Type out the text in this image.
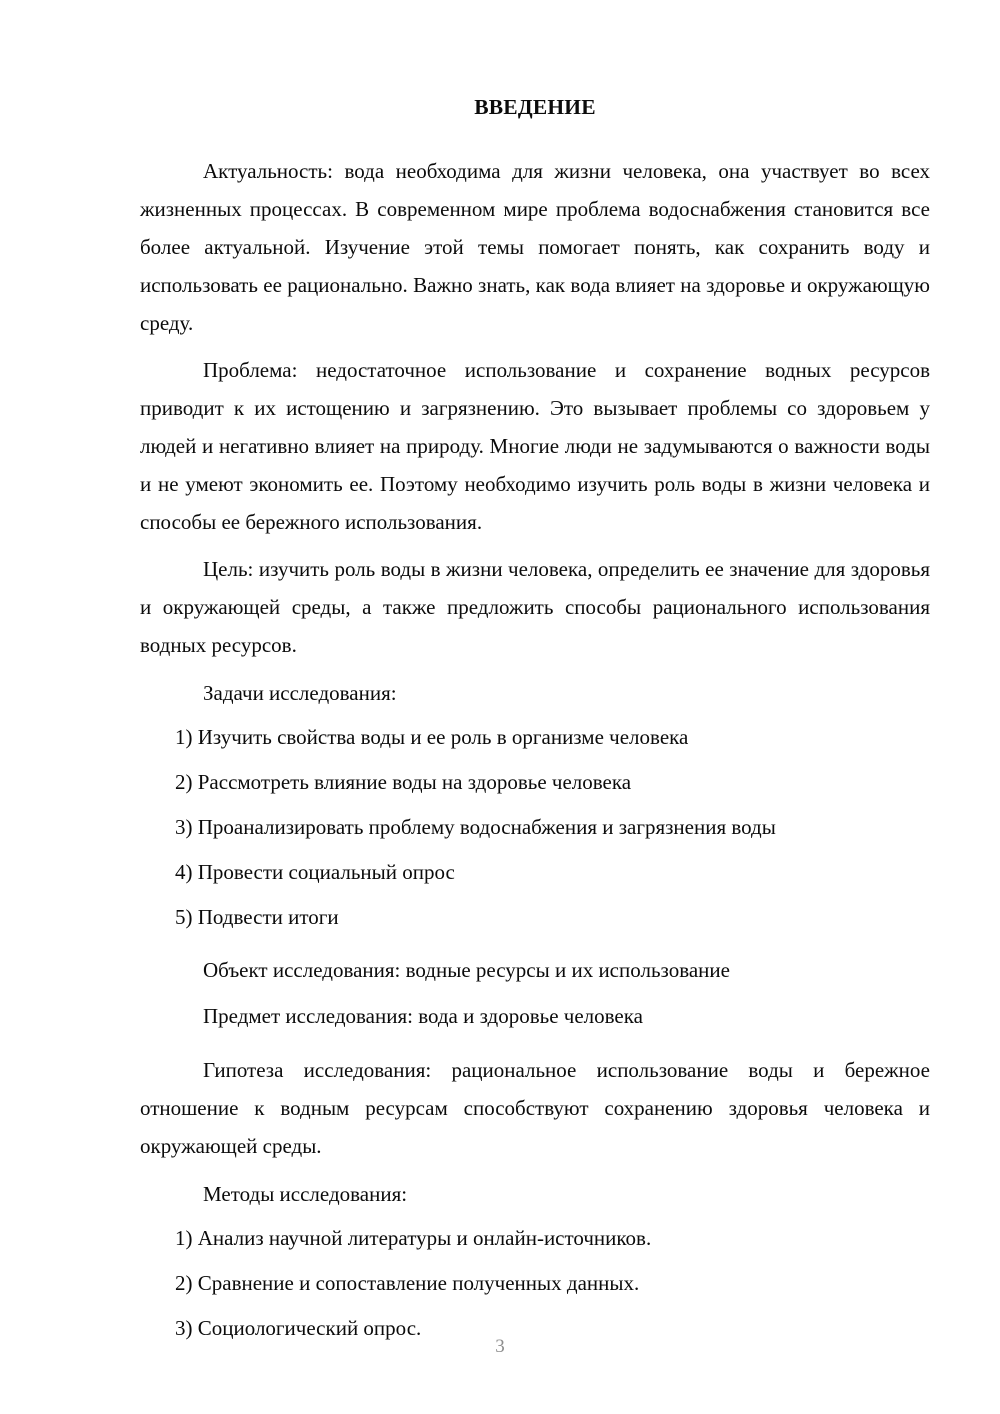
ВВЕДЕНИЕ

Актуальность: вода необходима для жизни человека, она участвует во всех жизненных процессах. В современном мире проблема водоснабжения становится все более актуальной. Изучение этой темы помогает понять, как сохранить воду и использовать ее рационально. Важно знать, как вода влияет на здоровье и окружающую среду.

Проблема: недостаточное использование и сохранение водных ресурсов приводит к их истощению и загрязнению. Это вызывает проблемы со здоровьем у людей и негативно влияет на природу. Многие люди не задумываются о важности воды и не умеют экономить ее. Поэтому необходимо изучить роль воды в жизни человека и способы ее бережного использования.

Цель: изучить роль воды в жизни человека, определить ее значение для здоровья и окружающей среды, а также предложить способы рационального использования водных ресурсов.

Задачи исследования:

1) Изучить свойства воды и ее роль в организме человека
2) Рассмотреть влияние воды на здоровье человека
3) Проанализировать проблему водоснабжения и загрязнения воды
4) Провести социальный опрос
5) Подвести итоги

Объект исследования: водные ресурсы и их использование

Предмет исследования: вода и здоровье человека

Гипотеза исследования: рациональное использование воды и бережное отношение к водным ресурсам способствуют сохранению здоровья человека и окружающей среды.

Методы исследования:

1) Анализ научной литературы и онлайн-источников.
2) Сравнение и сопоставление полученных данных.
3) Социологический опрос.
3
